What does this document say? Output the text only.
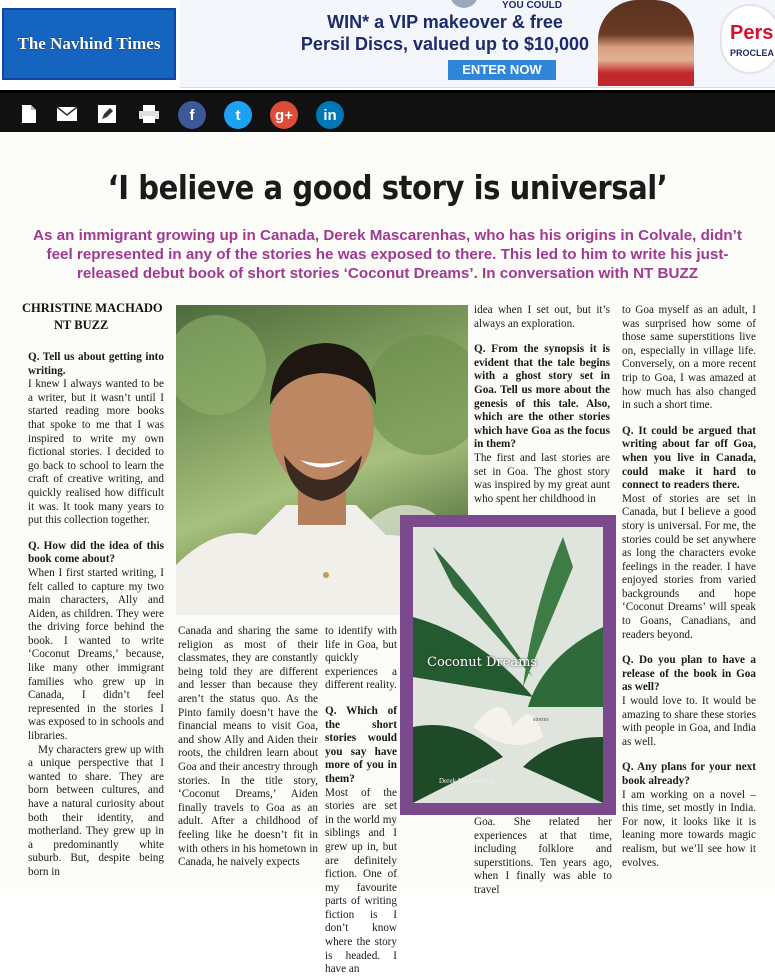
The Navhind Times
YOU COULD
WIN* a VIP makeover & free
Persil Discs, valued up to $10,000
ENTER NOW
Pers
PROCLEA
f	t g+ in
‘I believe a good story is universal’
As an immigrant growing up in Canada, Derek Mascarenhas, who has his origins in Colvale, didn’t feel represented in any of the stories he was exposed to there. This led to him to write his just-released debut book of short stories ‘Coconut Dreams’. In conversation with NT BUZZ
CHRISTINE MACHADO
NT BUZZ

Q. Tell us about getting into writing.

I knew I always wanted to be a writer, but it wasn’t until I started reading more books that spoke to me that I was inspired to write my own fictional stories. I decided to go back to school to learn the craft of creative writing, and quickly realised how difficult it was. It took many years to put this collection together.

Q. How did the idea of this book come about?

When I first started writing, I felt called to capture my two main characters, Ally and Aiden, as children. They were the driving force behind the book. I wanted to write ‘Coconut Dreams,’ because, like many other immigrant families who grew up in Canada, I didn’t feel represented in the stories I was exposed to in schools and libraries.

My characters grew up with a unique perspective that I wanted to share. They are born between cultures, and have a natural curiosity about both their identity, and motherland. They grew up in a predominantly white suburb. But, despite being born in

Canada and sharing the same religion as most of their classmates, they are constantly being told they are different and lesser than because they aren’t the status quo. As the Pinto family doesn’t have the financial means to visit Goa, and show Ally and Aiden their roots, the children learn about Goa and their ancestry through stories. In the title story, ‘Coconut Dreams,’ Aiden finally travels to Goa as an adult. After a childhood of feeling like he doesn’t fit in with others in his hometown in Canada, he naively expects

to identify with life in Goa, but quickly experiences a different reality.

Q. Which of the short stories would you say have more of you in them?

Most of the stories are set in the world my siblings and I grew up in, but are definitely fiction. One of my favourite parts of writing fiction is I don’t know where the story is headed. I have an

idea when I set out, but it’s always an exploration.

Q. From the synopsis it is evident that the tale begins with a ghost story set in Goa. Tell us more about the genesis of this tale. Also, which are the other stories which have Goa as the focus in them?

The first and last stories are set in Goa. The ghost story was inspired by my great aunt who spent her childhood in

Goa. She related her experiences at that time, including folklore and superstitions. Ten years ago, when I finally was able to travel

Coconut Dreams
stories
Derek Mascarenhas

to Goa myself as an adult, I was surprised how some of those same superstitions live on, especially in village life. Conversely, on a more recent trip to Goa, I was amazed at how much has also changed in such a short time.

Q. It could be argued that writing about far off Goa, when you live in Canada, could make it hard to connect to readers there.

Most of stories are set in Canada, but I believe a good story is universal. For me, the stories could be set anywhere as long the characters evoke feelings in the reader. I have enjoyed stories from varied backgrounds and hope ‘Coconut Dreams’ will speak to Goans, Canadians, and readers beyond.

Q. Do you plan to have a release of the book in Goa as well?

I would love to. It would be amazing to share these stories with people in Goa, and India as well.

Q. Any plans for your next book already?

I am working on a novel – this time, set mostly in India. For now, it looks like it is leaning more towards magic realism, but we’ll see how it evolves.
